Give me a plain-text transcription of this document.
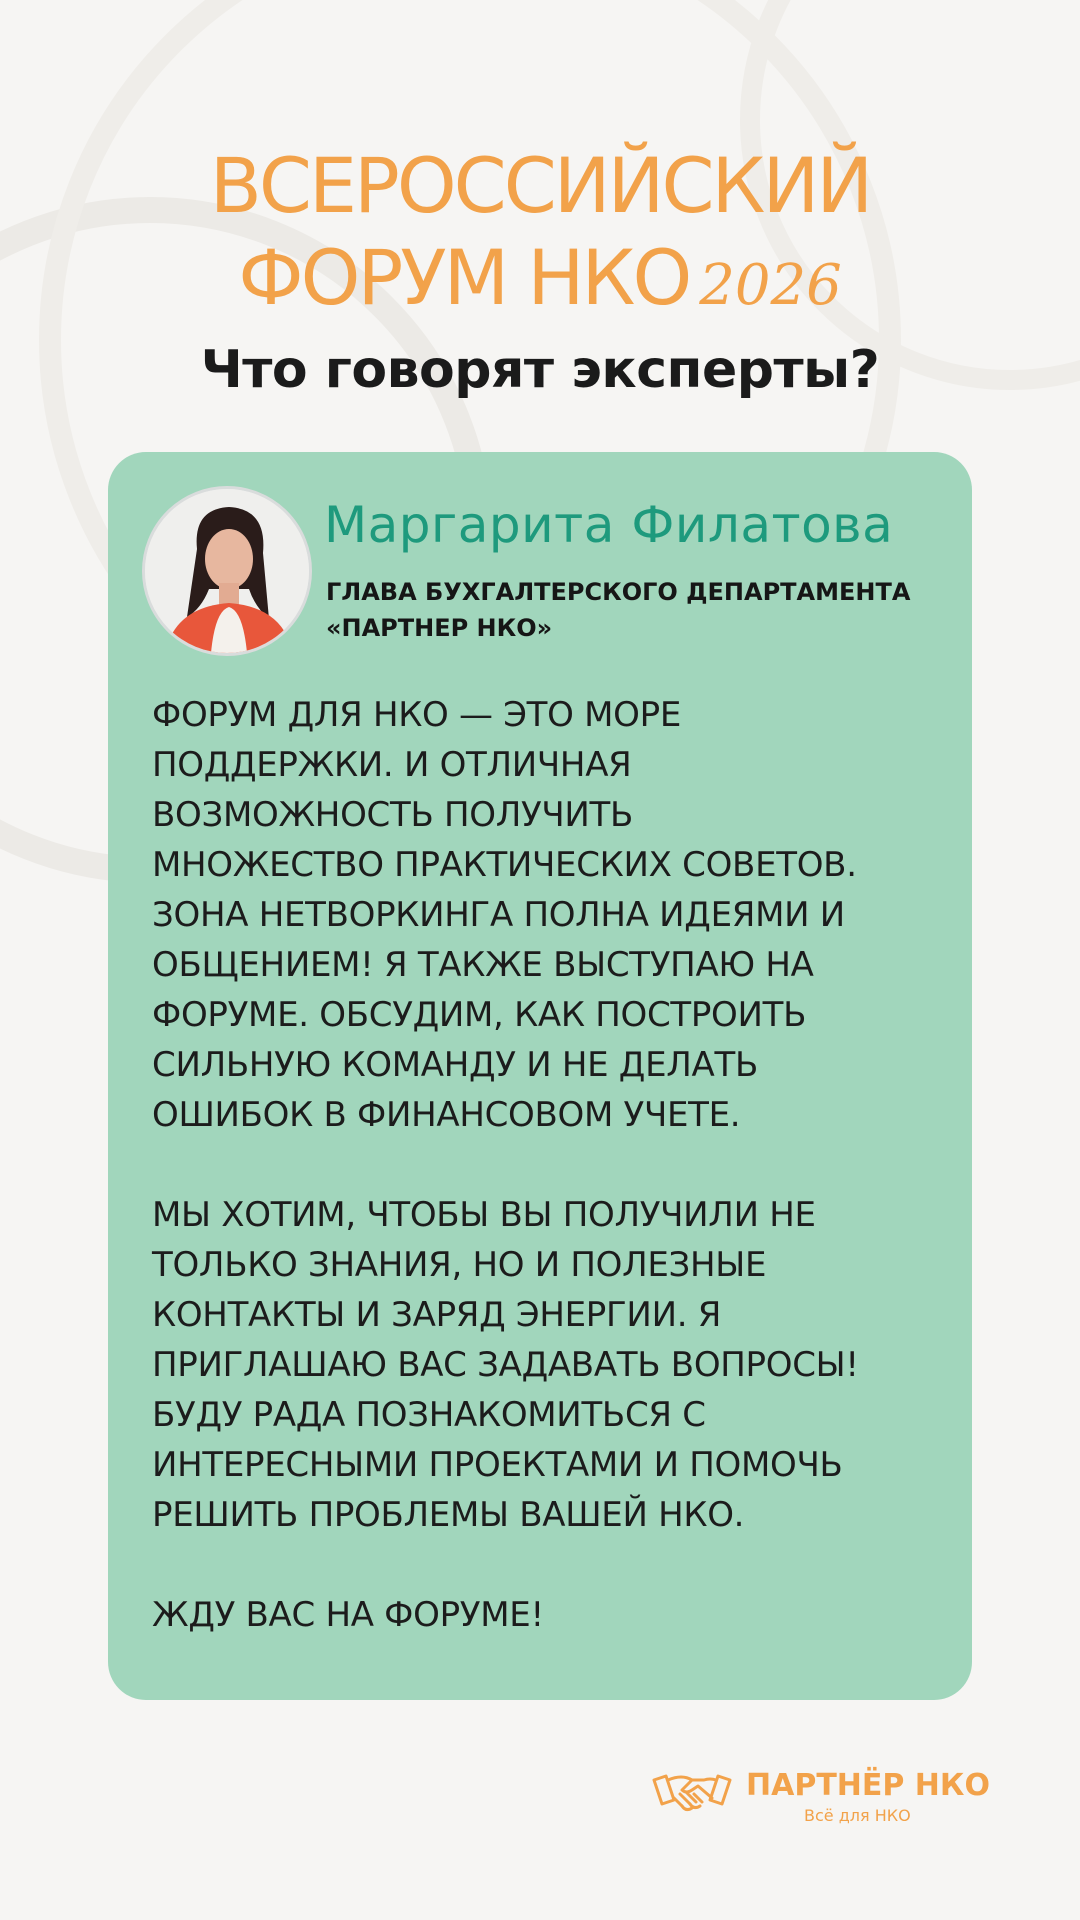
ВСЕРОССИЙСКИЙ
ФОРУМ НКО 2026
Что говорят эксперты?
Маргарита Филатова
ГЛАВА БУХГАЛТЕРСКОГО ДЕПАРТАМЕНТА
«ПАРТНЕР НКО»

ФОРУМ ДЛЯ НКО — ЭТО МОРЕ
ПОДДЕРЖКИ. И ОТЛИЧНАЯ
ВОЗМОЖНОСТЬ ПОЛУЧИТЬ
МНОЖЕСТВО ПРАКТИЧЕСКИХ СОВЕТОВ.
ЗОНА НЕТВОРКИНГА ПОЛНА ИДЕЯМИ И
ОБЩЕНИЕМ! Я ТАКЖЕ ВЫСТУПАЮ НА
ФОРУМЕ. ОБСУДИМ, КАК ПОСТРОИТЬ
СИЛЬНУЮ КОМАНДУ И НЕ ДЕЛАТЬ
ОШИБОК В ФИНАНСОВОМ УЧЕТЕ.

МЫ ХОТИМ, ЧТОБЫ ВЫ ПОЛУЧИЛИ НЕ
ТОЛЬКО ЗНАНИЯ, НО И ПОЛЕЗНЫЕ
КОНТАКТЫ И ЗАРЯД ЭНЕРГИИ. Я
ПРИГЛАШАЮ ВАС ЗАДАВАТЬ ВОПРОСЫ!
БУДУ РАДА ПОЗНАКОМИТЬСЯ С
ИНТЕРЕСНЫМИ ПРОЕКТАМИ И ПОМОЧЬ
РЕШИТЬ ПРОБЛЕМЫ ВАШЕЙ НКО.

ЖДУ ВАС НА ФОРУМЕ!

ПАРТНЁР НКО
Всё для НКО
